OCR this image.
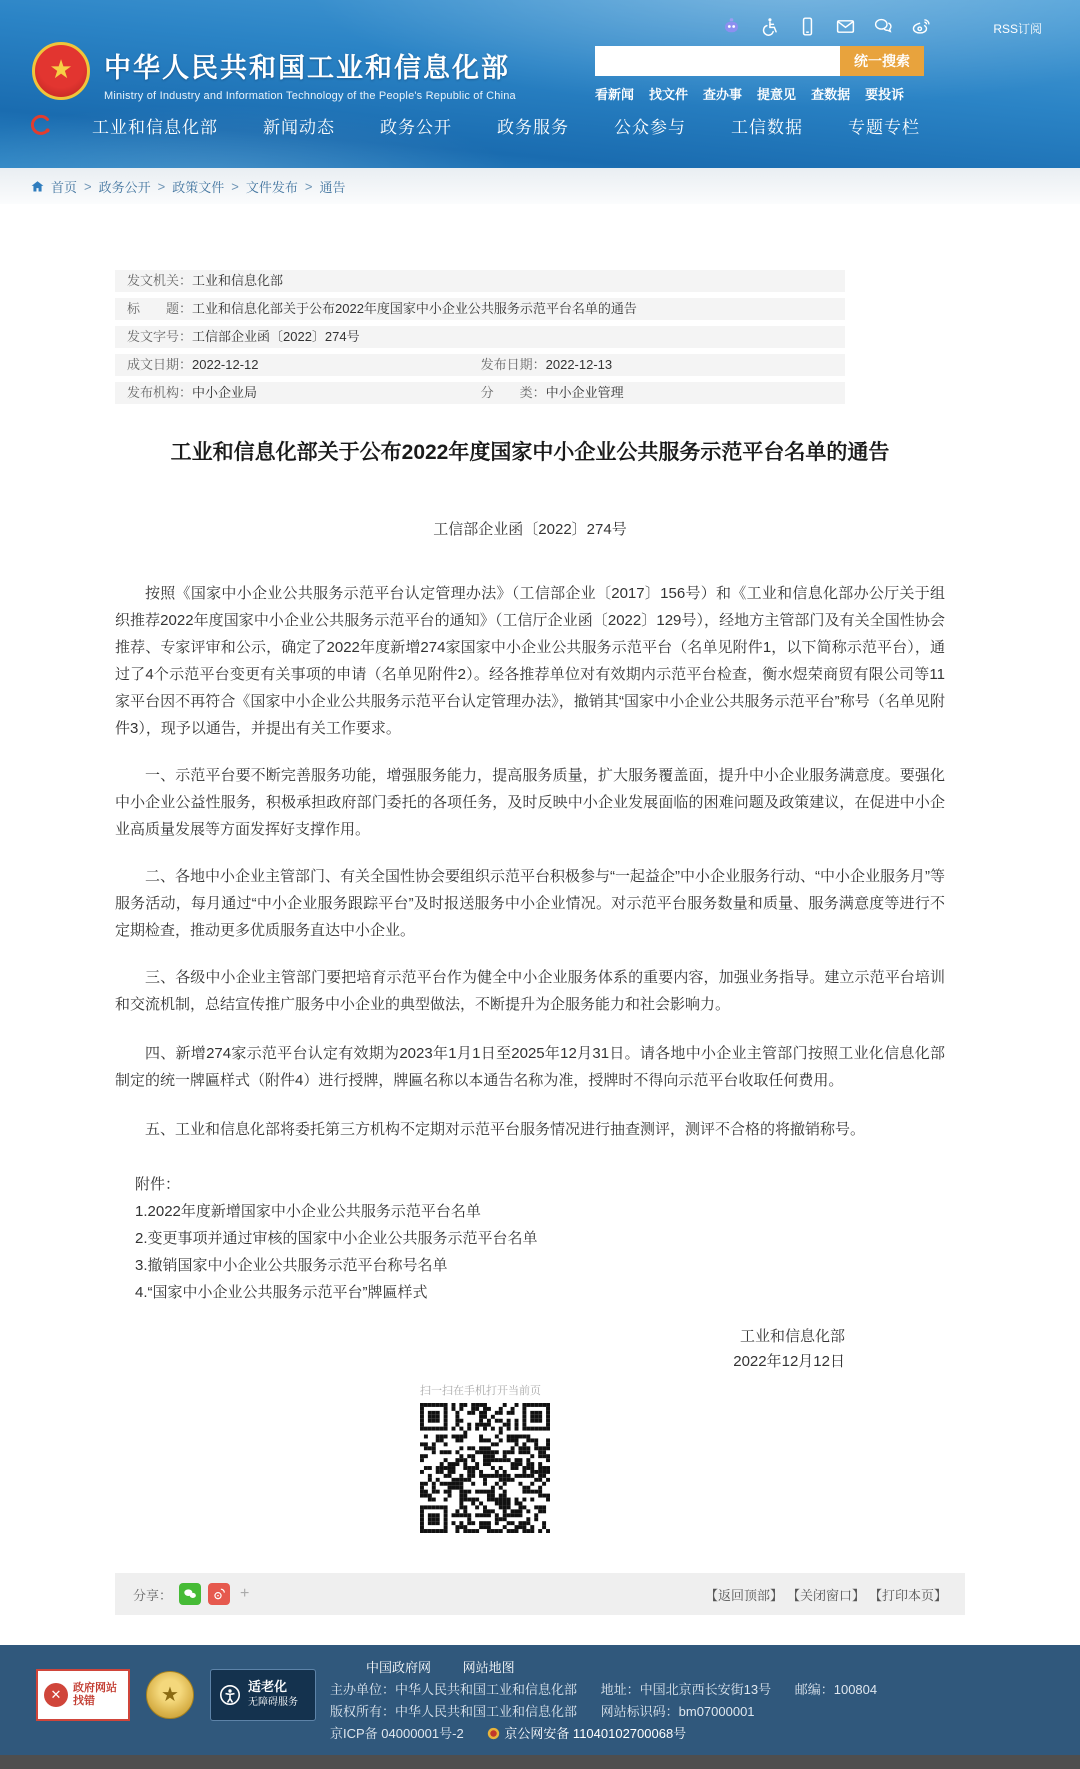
RSS订阅
★ 中华人民共和国工业和信息化部
Ministry of Industry and Information Technology of the People's Republic of China
统一搜索
看新闻 找文件 查办事 提意见 查数据 要投诉
工业和信息化部	新闻动态	政务公开	政务服务	公众参与	工信数据	专题专栏
首页 > 政务公开 > 政策文件 > 文件发布 > 通告
发文机关：工业和信息化部
标　　题：工业和信息化部关于公布2022年度国家中小企业公共服务示范平台名单的通告
发文字号：工信部企业函〔2022〕274号
成文日期：2022-12-12	发布日期：2022-12-13
发布机构：中小企业局	分　　类：中小企业管理
工业和信息化部关于公布2022年度国家中小企业公共服务示范平台名单的通告
工信部企业函〔2022〕274号

按照《国家中小企业公共服务示范平台认定管理办法》（工信部企业〔2017〕156号）和《工业和信息化部办公厅关于组织推荐2022年度国家中小企业公共服务示范平台的通知》（工信厅企业函〔2022〕129号），经地方主管部门及有关全国性协会推荐、专家评审和公示，确定了2022年度新增274家国家中小企业公共服务示范平台（名单见附件1，以下简称示范平台），通过了4个示范平台变更有关事项的申请（名单见附件2）。经各推荐单位对有效期内示范平台检查，衡水煜荣商贸有限公司等11家平台因不再符合《国家中小企业公共服务示范平台认定管理办法》，撤销其“国家中小企业公共服务示范平台”称号（名单见附件3），现予以通告，并提出有关工作要求。

一、示范平台要不断完善服务功能，增强服务能力，提高服务质量，扩大服务覆盖面，提升中小企业服务满意度。要强化中小企业公益性服务，积极承担政府部门委托的各项任务，及时反映中小企业发展面临的困难问题及政策建议，在促进中小企业高质量发展等方面发挥好支撑作用。

二、各地中小企业主管部门、有关全国性协会要组织示范平台积极参与“一起益企”中小企业服务行动、“中小企业服务月”等服务活动，每月通过“中小企业服务跟踪平台”及时报送服务中小企业情况。对示范平台服务数量和质量、服务满意度等进行不定期检查，推动更多优质服务直达中小企业。

三、各级中小企业主管部门要把培育示范平台作为健全中小企业服务体系的重要内容，加强业务指导。建立示范平台培训和交流机制，总结宣传推广服务中小企业的典型做法，不断提升为企服务能力和社会影响力。

四、新增274家示范平台认定有效期为2023年1月1日至2025年12月31日。请各地中小企业主管部门按照工业化信息化部制定的统一牌匾样式（附件4）进行授牌，牌匾名称以本通告名称为准，授牌时不得向示范平台收取任何费用。

五、工业和信息化部将委托第三方机构不定期对示范平台服务情况进行抽查测评，测评不合格的将撤销称号。

附件：
1.2022年度新增国家中小企业公共服务示范平台名单
2.变更事项并通过审核的国家中小企业公共服务示范平台名单
3.撤销国家中小企业公共服务示范平台称号名单
4.“国家中小企业公共服务示范平台”牌匾样式
工业和信息化部
2022年12月12日
扫一扫在手机打开当前页
分享：	+	【返回顶部】 【关闭窗口】 【打印本页】
✕	政府网站
找错	★	适老化
无障碍服务
中国政府网 网站地图
主办单位：中华人民共和国工业和信息化部 地址：中国北京西长安街13号 邮编：100804
版权所有：中华人民共和国工业和信息化部 网站标识码：bm07000001
京ICP备 04000001号-2	京公网安备 11040102700068号
